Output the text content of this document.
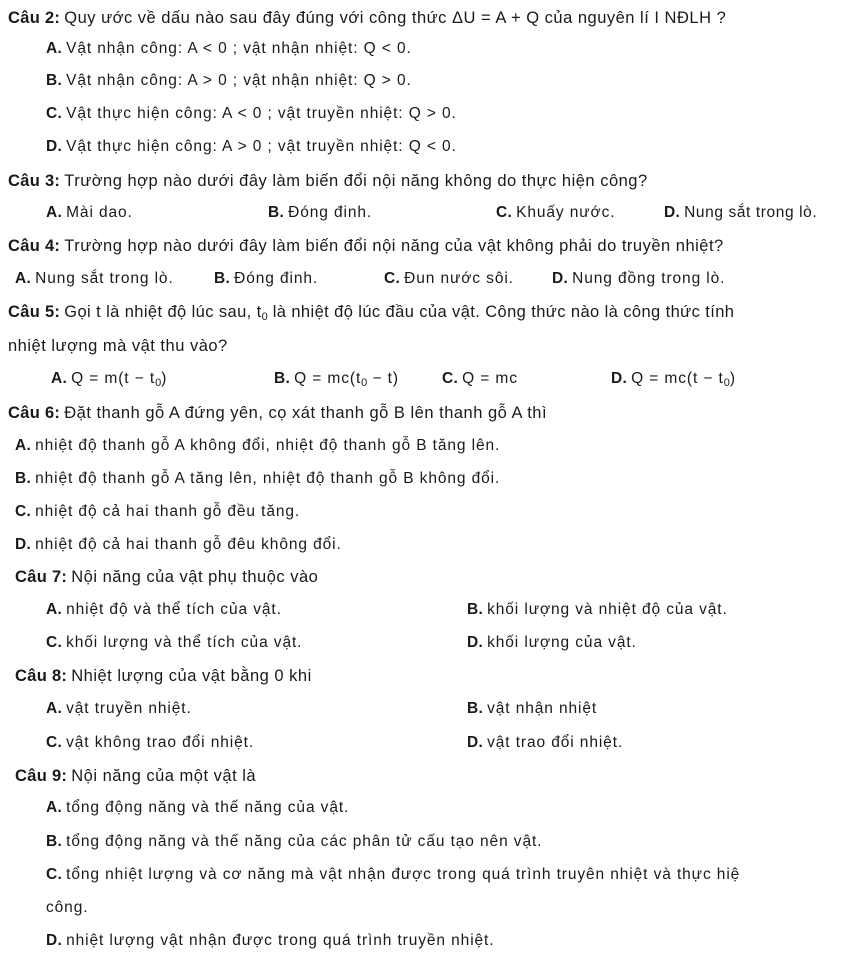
Câu 2: Quy ước về dấu nào sau đây đúng với công thức ΔU = A + Q của nguyên lí I NĐLH ?
A. Vật nhận công: A < 0 ; vật nhận nhiệt: Q < 0.
B. Vật nhận công: A > 0 ; vật nhận nhiệt: Q > 0.
C. Vật thực hiện công: A < 0 ; vật truyền nhiệt: Q > 0.
D. Vật thực hiện công: A > 0 ; vật truyền nhiệt: Q < 0.
Câu 3: Trường hợp nào dưới đây làm biến đổi nội năng không do thực hiện công?
A. Mài dao.	B. Đóng đinh.	C. Khuấy nước.	D. Nung sắt trong lò.
Câu 4: Trường hợp nào dưới đây làm biến đổi nội năng của vật không phải do truyền nhiệt?
A. Nung sắt trong lò.	B. Đóng đinh.	C. Đun nước sôi. D. Nung đồng trong lò.
Câu 5: Gọi t là nhiệt độ lúc sau, $t_0$ là nhiệt độ lúc đầu của vật. Công thức nào là công thức tính
nhiệt lượng mà vật thu vào?
A. $Q = m(t - t_0)$	B. $Q = mc(t_0 - t)$	C. Q = mc	D. $Q = mc(t - t_0)$
Câu 6: Đặt thanh gỗ A đứng yên, cọ xát thanh gỗ B lên thanh gỗ A thì
A. nhiệt độ thanh gỗ A không đổi, nhiệt độ thanh gỗ B tăng lên.
B. nhiệt độ thanh gỗ A tăng lên, nhiệt độ thanh gỗ B không đổi.
C. nhiệt độ cả hai thanh gỗ đều tăng.
D. nhiệt độ cả hai thanh gỗ đêu không đổi.
Câu 7: Nội năng của vật phụ thuộc vào
A. nhiệt độ và thể tích của vật.	B. khối lượng và nhiệt độ của vật.
C. khối lượng và thể tích của vật.	D. khối lượng của vật.
Câu 8: Nhiệt lượng của vật bằng 0 khi
A. vật truyền nhiệt.	B. vật nhận nhiệt
C. vật không trao đổi nhiệt.	D. vật trao đổi nhiệt.
Câu 9: Nội năng của một vật là
A. tổng động năng và thế năng của vật.
B. tổng động năng và thế năng của các phân tử cấu tạo nên vật.
C. tổng nhiệt lượng và cơ năng mà vật nhận được trong quá trình truyên nhiệt và thực hiệ
công.
D. nhiệt lượng vật nhận được trong quá trình truyền nhiệt.
